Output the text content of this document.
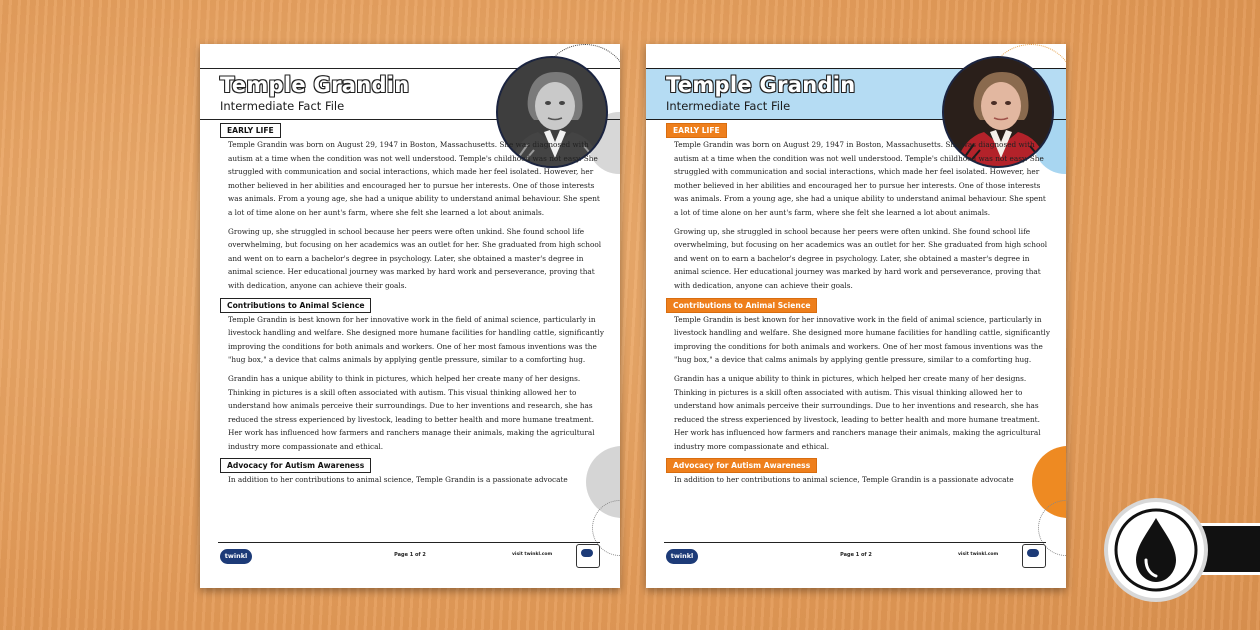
Temple Grandin
Intermediate Fact File
EARLY LIFE

Temple Grandin was born on August 29, 1947 in Boston, Massachusetts. She was diagnosed with autism at a time when the condition was not well understood. Temple's childhood was not easy. She struggled with communication and social interactions, which made her feel isolated. However, her mother believed in her abilities and encouraged her to pursue her interests. One of those interests was animals. From a young age, she had a unique ability to understand animal behaviour. She spent a lot of time alone on her aunt's farm, where she felt she learned a lot about animals.

Growing up, she struggled in school because her peers were often unkind. She found school life overwhelming, but focusing on her academics was an outlet for her. She graduated from high school and went on to earn a bachelor's degree in psychology. Later, she obtained a master's degree in animal science. Her educational journey was marked by hard work and perseverance, proving that with dedication, anyone can achieve their goals.

Contributions to Animal Science

Temple Grandin is best known for her innovative work in the field of animal science, particularly in livestock handling and welfare. She designed more humane facilities for handling cattle, significantly improving the conditions for both animals and workers. One of her most famous inventions was the "hug box," a device that calms animals by applying gentle pressure, similar to a comforting hug.

Grandin has a unique ability to think in pictures, which helped her create many of her designs. Thinking in pictures is a skill often associated with autism. This visual thinking allowed her to understand how animals perceive their surroundings. Due to her inventions and research, she has reduced the stress experienced by livestock, leading to better health and more humane treatment. Her work has influenced how farmers and ranchers manage their animals, making the agricultural industry more compassionate and ethical.

Advocacy for Autism Awareness

In addition to her contributions to animal science, Temple Grandin is a passionate advocate

twinkl	Page 1 of 2	visit twinkl.com
Temple Grandin
Intermediate Fact File
EARLY LIFE

Temple Grandin was born on August 29, 1947 in Boston, Massachusetts. She was diagnosed with autism at a time when the condition was not well understood. Temple's childhood was not easy. She struggled with communication and social interactions, which made her feel isolated. However, her mother believed in her abilities and encouraged her to pursue her interests. One of those interests was animals. From a young age, she had a unique ability to understand animal behaviour. She spent a lot of time alone on her aunt's farm, where she felt she learned a lot about animals.

Growing up, she struggled in school because her peers were often unkind. She found school life overwhelming, but focusing on her academics was an outlet for her. She graduated from high school and went on to earn a bachelor's degree in psychology. Later, she obtained a master's degree in animal science. Her educational journey was marked by hard work and perseverance, proving that with dedication, anyone can achieve their goals.

Contributions to Animal Science

Temple Grandin is best known for her innovative work in the field of animal science, particularly in livestock handling and welfare. She designed more humane facilities for handling cattle, significantly improving the conditions for both animals and workers. One of her most famous inventions was the "hug box," a device that calms animals by applying gentle pressure, similar to a comforting hug.

Grandin has a unique ability to think in pictures, which helped her create many of her designs. Thinking in pictures is a skill often associated with autism. This visual thinking allowed her to understand how animals perceive their surroundings. Due to her inventions and research, she has reduced the stress experienced by livestock, leading to better health and more humane treatment. Her work has influenced how farmers and ranchers manage their animals, making the agricultural industry more compassionate and ethical.

Advocacy for Autism Awareness

In addition to her contributions to animal science, Temple Grandin is a passionate advocate

twinkl	Page 1 of 2	visit twinkl.com
